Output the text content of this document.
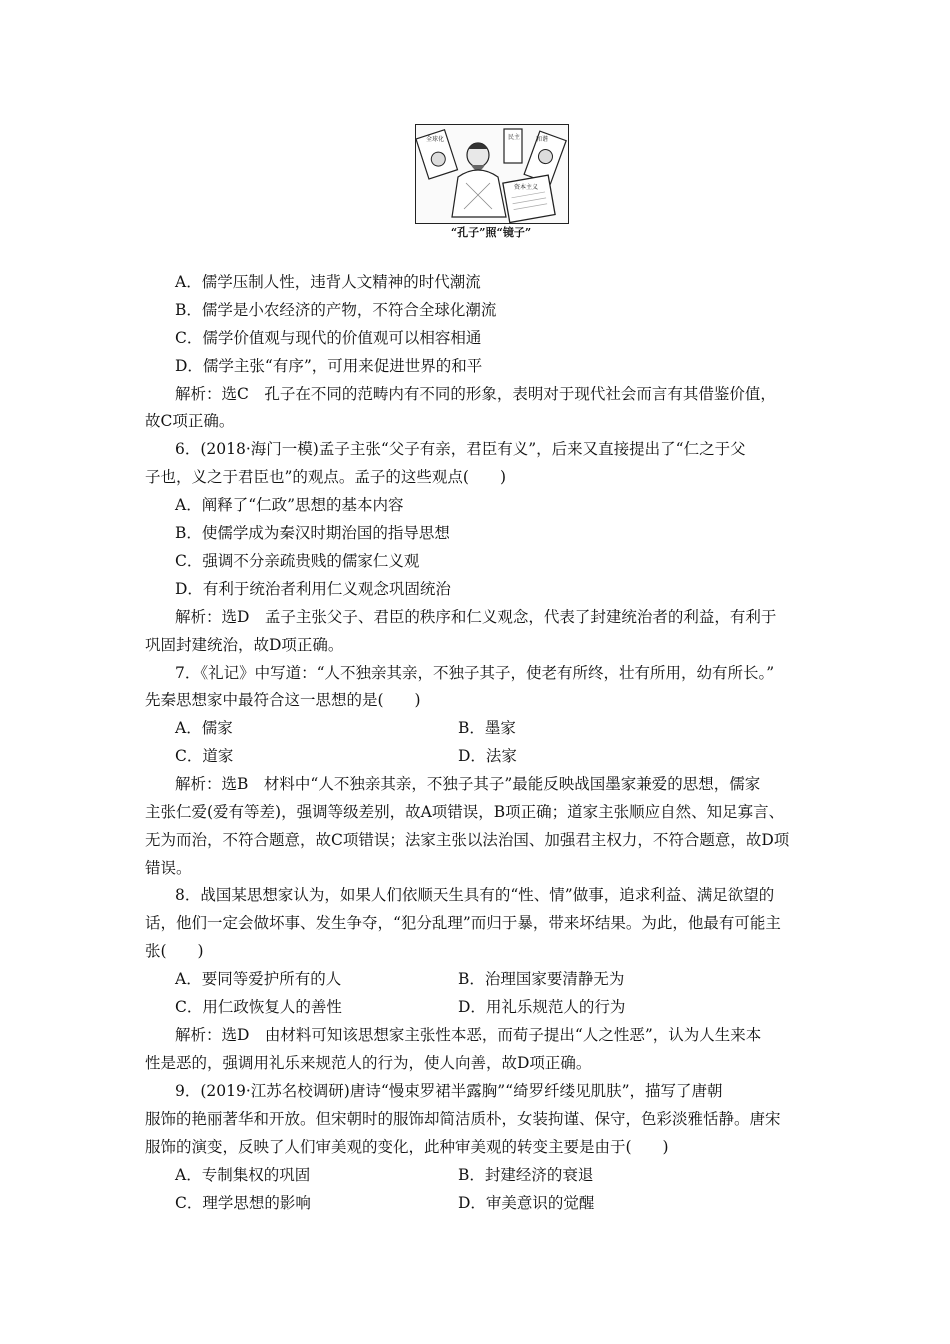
全球化	民主	和谐
资本主义
“孔子”照“镜子”
A．儒学压制人性，违背人文精神的时代潮流
B．儒学是小农经济的产物，不符合全球化潮流
C．儒学价值观与现代的价值观可以相容相通
D．儒学主张“有序”，可用来促进世界的和平
解析：选C　孔子在不同的范畴内有不同的形象，表明对于现代社会而言有其借鉴价值，
故C项正确。
6．(2018·海门一模)孟子主张“父子有亲，君臣有义”，后来又直接提出了“仁之于父
子也，义之于君臣也”的观点。孟子的这些观点(　　)
A．阐释了“仁政”思想的基本内容
B．使儒学成为秦汉时期治国的指导思想
C．强调不分亲疏贵贱的儒家仁义观
D．有利于统治者利用仁义观念巩固统治
解析：选D　孟子主张父子、君臣的秩序和仁义观念，代表了封建统治者的利益，有利于
巩固封建统治，故D项正确。
7．《礼记》中写道：“人不独亲其亲，不独子其子，使老有所终，壮有所用，幼有所长。”
先秦思想家中最符合这一思想的是(　　)
A．儒家	B．墨家
C．道家	D．法家
解析：选B　材料中“人不独亲其亲，不独子其子”最能反映战国墨家兼爱的思想，儒家
主张仁爱(爱有等差)，强调等级差别，故A项错误，B项正确；道家主张顺应自然、知足寡言、
无为而治，不符合题意，故C项错误；法家主张以法治国、加强君主权力，不符合题意，故D项
错误。
8．战国某思想家认为，如果人们依顺天生具有的“性、情”做事，追求利益、满足欲望的
话，他们一定会做坏事、发生争夺，“犯分乱理”而归于暴，带来坏结果。为此，他最有可能主
张(　　)
A．要同等爱护所有的人	B．治理国家要清静无为
C．用仁政恢复人的善性	D．用礼乐规范人的行为
解析：选D　由材料可知该思想家主张性本恶，而荀子提出“人之性恶”，认为人生来本
性是恶的，强调用礼乐来规范人的行为，使人向善，故D项正确。
9．(2019·江苏名校调研)唐诗“慢束罗裙半露胸”“绮罗纤缕见肌肤”，描写了唐朝
服饰的艳丽著华和开放。但宋朝时的服饰却简洁质朴，女装拘谨、保守，色彩淡雅恬静。唐宋
服饰的演变，反映了人们审美观的变化，此种审美观的转变主要是由于(　　)
A．专制集权的巩固	B．封建经济的衰退
C．理学思想的影响	D．审美意识的觉醒
